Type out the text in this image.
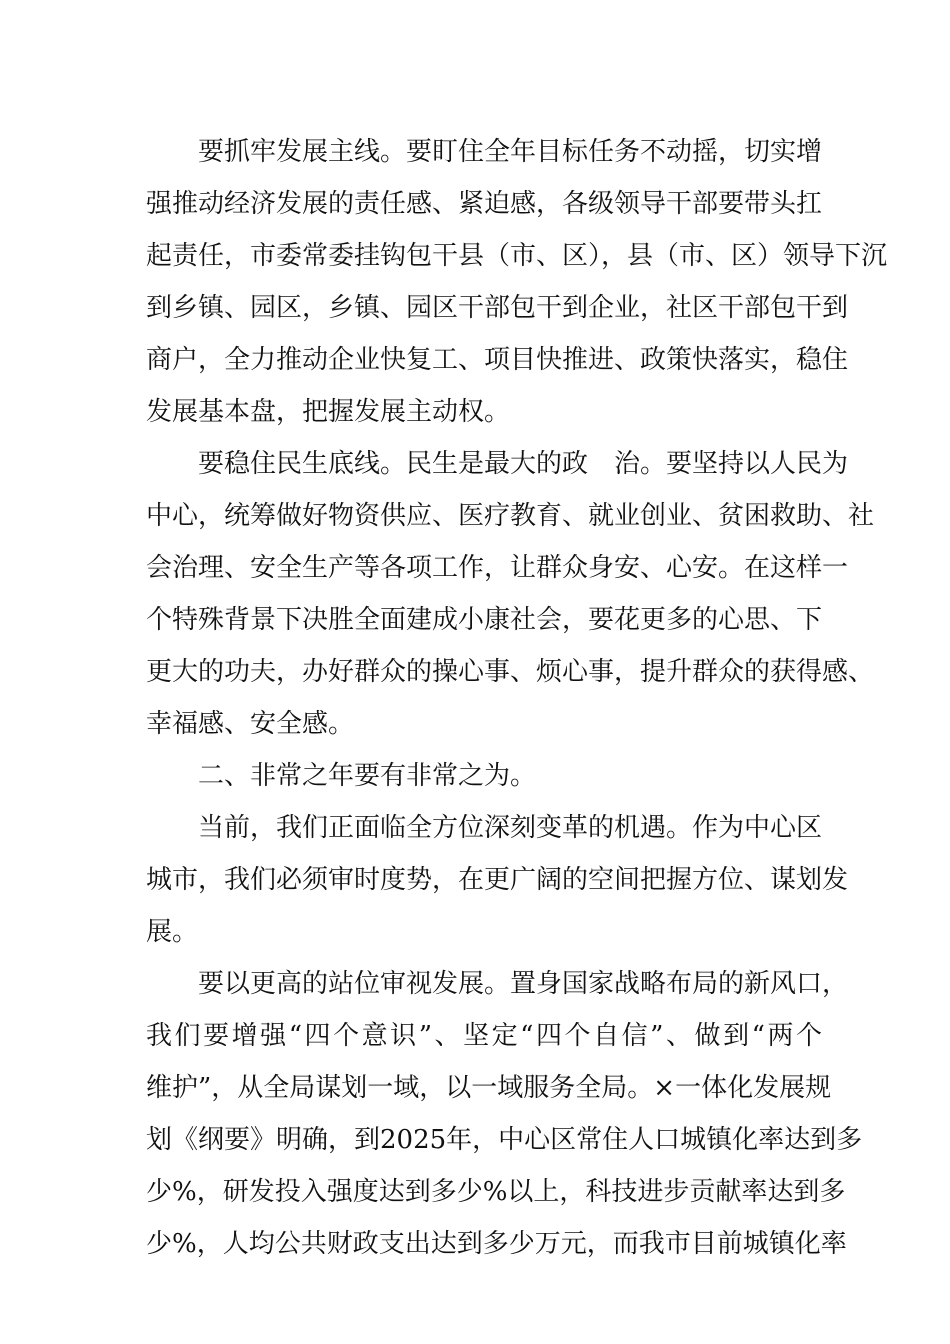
要抓牢发展主线。要盯住全年目标任务不动摇，切实增
强推动经济发展的责任感、紧迫感，各级领导干部要带头扛
起责任，市委常委挂钩包干县（市、区），县（市、区）领导下沉
到乡镇、园区，乡镇、园区干部包干到企业，社区干部包干到
商户，全力推动企业快复工、项目快推进、政策快落实，稳住
发展基本盘，把握发展主动权。
要稳住民生底线。民生是最大的政　治。要坚持以人民为
中心，统筹做好物资供应、医疗教育、就业创业、贫困救助、社
会治理、安全生产等各项工作，让群众身安、心安。在这样一
个特殊背景下决胜全面建成小康社会，要花更多的心思、下
更大的功夫，办好群众的操心事、烦心事，提升群众的获得感、
幸福感、安全感。
二、非常之年要有非常之为。
当前，我们正面临全方位深刻变革的机遇。作为中心区
城市，我们必须审时度势，在更广阔的空间把握方位、谋划发
展。
要以更高的站位审视发展。置身国家战略布局的新风口，
我们要增强“四个意识”、坚定“四个自信”、做到“两个
维护”，从全局谋划一域，以一域服务全局。×一体化发展规
划《纲要》明确，到2025年，中心区常住人口城镇化率达到多
少%，研发投入强度达到多少%以上，科技进步贡献率达到多
少%，人均公共财政支出达到多少万元，而我市目前城镇化率
